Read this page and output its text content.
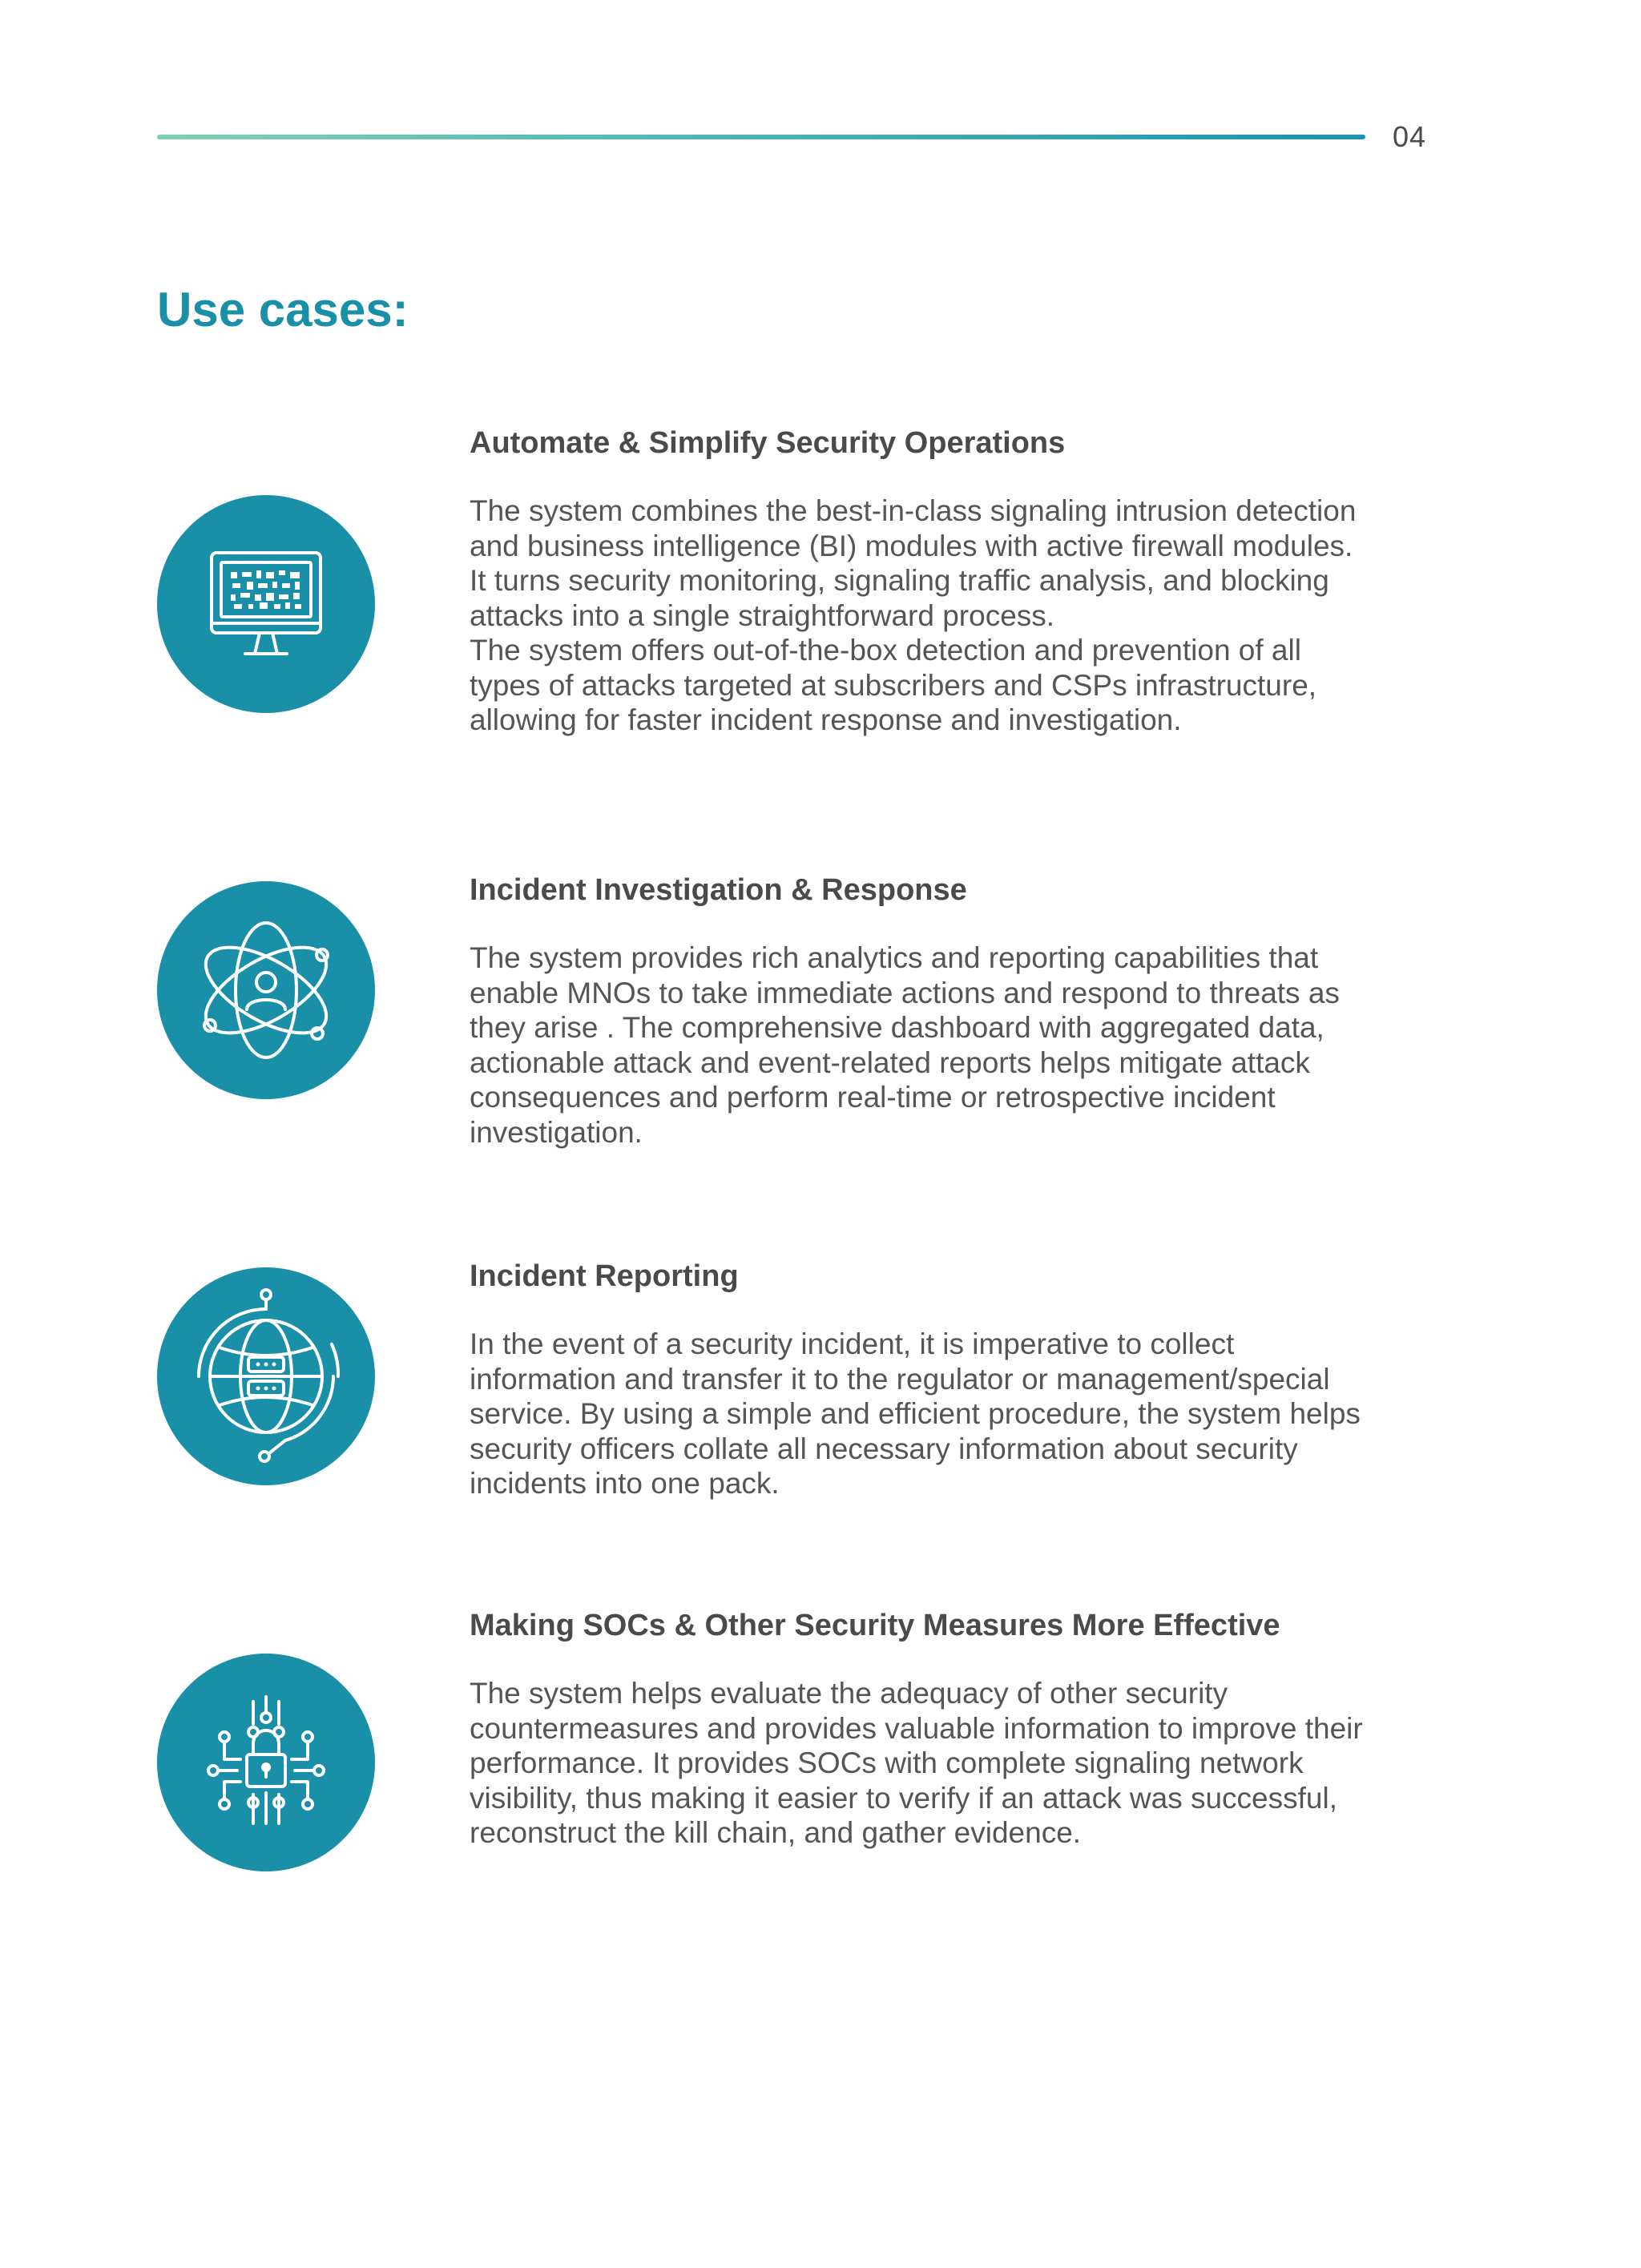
04
Use cases:
Automate & Simplify Security Operations

The system combines the best-in-class signaling intrusion detection
and business intelligence (BI) modules with active firewall modules.
It turns security monitoring, signaling traffic analysis, and blocking
attacks into a single straightforward process.
The system offers out-of-the-box detection and prevention of all
types of attacks targeted at subscribers and CSPs infrastructure,
allowing for faster incident response and investigation.

Incident Investigation & Response

The system provides rich analytics and reporting capabilities that
enable MNOs to take immediate actions and respond to threats as
they arise . The comprehensive dashboard with aggregated data,
actionable attack and event-related reports helps mitigate attack
consequences and perform real-time or retrospective incident
investigation.

Incident Reporting

In the event of a security incident, it is imperative to collect
information and transfer it to the regulator or management/special
service. By using a simple and efficient procedure, the system helps
security officers collate all necessary information about security
incidents into one pack.

Making SOCs & Other Security Measures More Effective

The system helps evaluate the adequacy of other security
countermeasures and provides valuable information to improve their
performance. It provides SOCs with complete signaling network
visibility, thus making it easier to verify if an attack was successful,
reconstruct the kill chain, and gather evidence.
